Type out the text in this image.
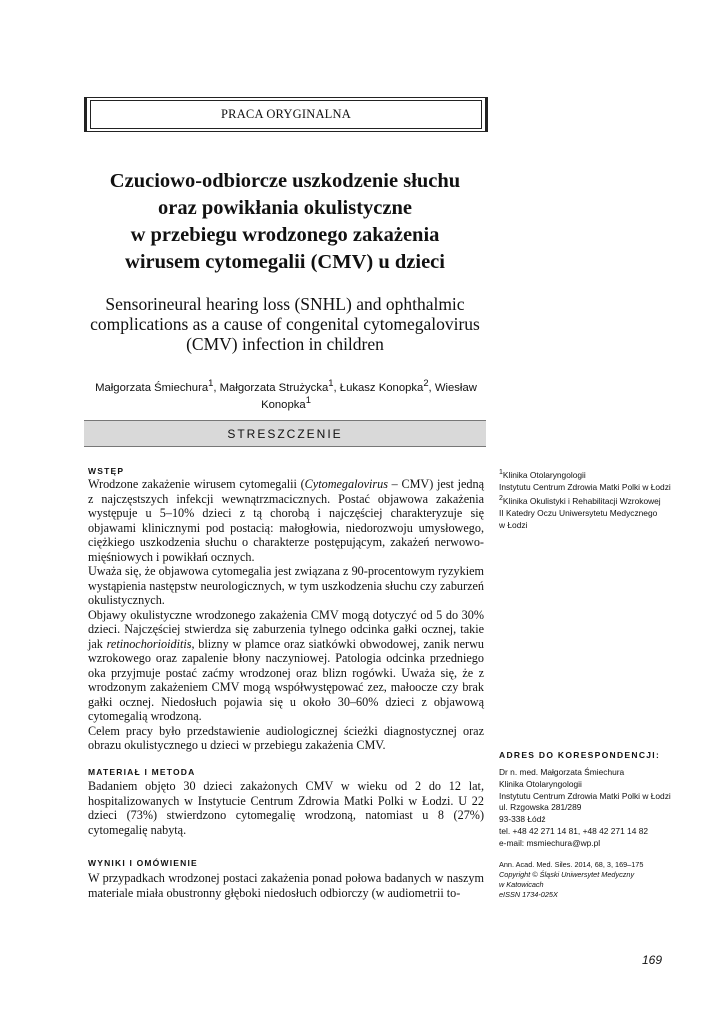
PRACA ORYGINALNA
Czuciowo-odbiorcze uszkodzenie słuchu
oraz powikłania okulistyczne
w przebiegu wrodzonego zakażenia
wirusem cytomegalii (CMV) u dzieci
Sensorineural hearing loss (SNHL) and ophthalmic
complications as a cause of congenital cytomegalovirus
(CMV) infection in children
Małgorzata Śmiechura$^1$, Małgorzata Strużycka$^1$, Łukasz Konopka$^2$, Wiesław Konopka$^1$
STRESZCZENIE
WSTĘP

Wrodzone zakażenie wirusem cytomegalii (Cytomegalovirus – CMV) jest jedną z najczęstszych infekcji wewnątrzmacicznych. Postać objawowa zakażenia występuje u 5–10% dzieci z tą chorobą i najczęściej charakteryzuje się objawami klinicznymi pod postacią: małogłowia, niedorozwoju umysłowego, ciężkiego uszkodzenia słuchu o charakterze postępującym, zakażeń nerwowo-mięśniowych i powikłań ocznych.

Uważa się, że objawowa cytomegalia jest związana z 90-procentowym ryzykiem wystąpienia następstw neurologicznych, w tym uszkodzenia słuchu czy zaburzeń okulistycznych.

Objawy okulistyczne wrodzonego zakażenia CMV mogą dotyczyć od 5 do 30% dzieci. Najczęściej stwierdza się zaburzenia tylnego odcinka gałki ocznej, takie jak retinochorioiditis, blizny w plamce oraz siatkówki obwodowej, zanik nerwu wzrokowego oraz zapalenie błony naczyniowej. Patologia odcinka przedniego oka przyjmuje postać zaćmy wrodzonej oraz blizn rogówki. Uważa się, że z wrodzonym zakażeniem CMV mogą współwystępować zez, małoocze czy brak gałki ocznej. Niedosłuch pojawia się u około 30–60% dzieci z objawową cytomegalią wrodzoną.

Celem pracy było przedstawienie audiologicznej ścieżki diagnostycznej oraz obrazu okulistycznego u dzieci w przebiegu zakażenia CMV.

MATERIAŁ I METODA

Badaniem objęto 30 dzieci zakażonych CMV w wieku od 2 do 12 lat, hospitalizowanych w Instytucie Centrum Zdrowia Matki Polki w Łodzi. U 22 dzieci (73%) stwierdzono cytomegalię wrodzoną, natomiast u 8 (27%) cytomegalię nabytą.

WYNIKI I OMÓWIENIE

W przypadkach wrodzonej postaci zakażenia ponad połowa badanych w naszym materiale miała obustronny głęboki niedosłuch odbiorczy (w audiometrii to-

$^1$Klinika Otolaryngologii
Instytutu Centrum Zdrowia Matki Polki w Łodzi

$^2$Klinika Okulistyki i Rehabilitacji Wzrokowej
II Katedry Oczu Uniwersytetu Medycznego
w Łodzi

ADRES DO KORESPONDENCJI:
Dr n. med. Małgorzata Śmiechura
Klinika Otolaryngologii
Instytutu Centrum Zdrowia Matki Polki w Łodzi
ul. Rzgowska 281/289
93-338 Łódź
tel. +48 42 271 14 81, +48 42 271 14 82
e-mail: msmiechura@wp.pl
Ann. Acad. Med. Siles. 2014, 68, 3, 169–175
Copyright © Śląski Uniwersytet Medyczny
w Katowicach
eISSN 1734-025X
169
